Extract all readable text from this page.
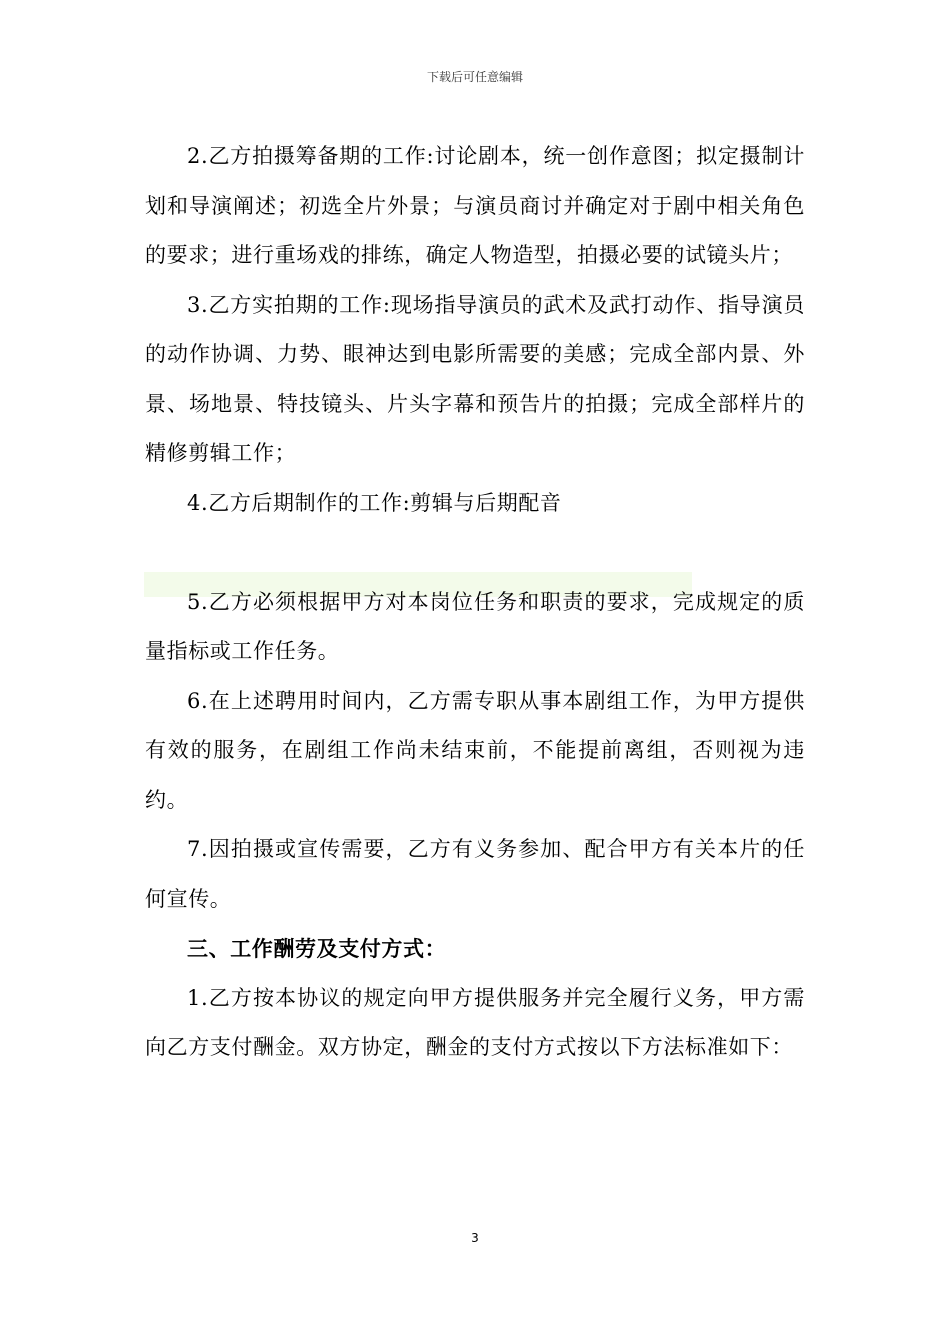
下载后可任意编辑

2.乙方拍摄筹备期的工作:讨论剧本，统一创作意图；拟定摄制计划和导演阐述；初选全片外景；与演员商讨并确定对于剧中相关角色的要求；进行重场戏的排练，确定人物造型，拍摄必要的试镜头片；

3.乙方实拍期的工作:现场指导演员的武术及武打动作、指导演员的动作协调、力势、眼神达到电影所需要的美感；完成全部内景、外景、场地景、特技镜头、片头字幕和预告片的拍摄；完成全部样片的精修剪辑工作；

4.乙方后期制作的工作:剪辑与后期配音

5.乙方必须根据甲方对本岗位任务和职责的要求，完成规定的质量指标或工作任务。

6.在上述聘用时间内，乙方需专职从事本剧组工作，为甲方提供有效的服务，在剧组工作尚未结束前，不能提前离组，否则视为违约。

7.因拍摄或宣传需要，乙方有义务参加、配合甲方有关本片的任何宣传。

三、工作酬劳及支付方式：

1.乙方按本协议的规定向甲方提供服务并完全履行义务，甲方需向乙方支付酬金。双方协定，酬金的支付方式按以下方法标准如下：

3
